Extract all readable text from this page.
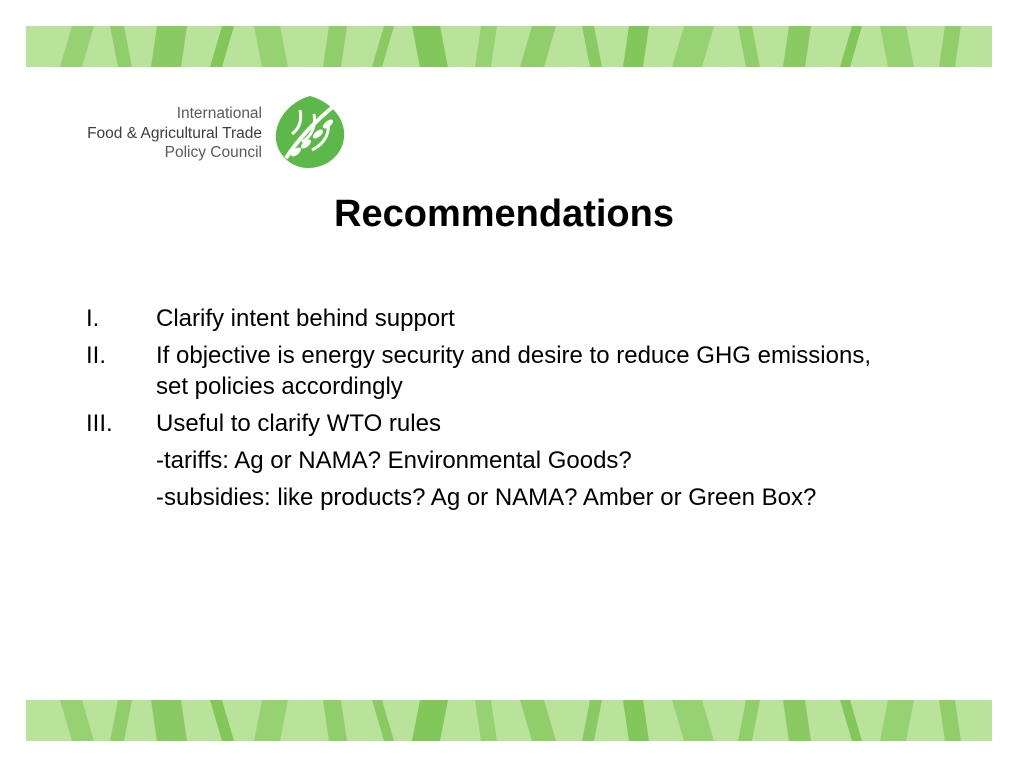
International
Food & Agricultural Trade
Policy Council
Recommendations
I. Clarify intent behind support
II. If objective is energy security and desire to reduce GHG emissions, set policies accordingly
III. Useful to clarify WTO rules
-tariffs: Ag or NAMA? Environmental Goods?
-subsidies: like products? Ag or NAMA? Amber or Green Box?
